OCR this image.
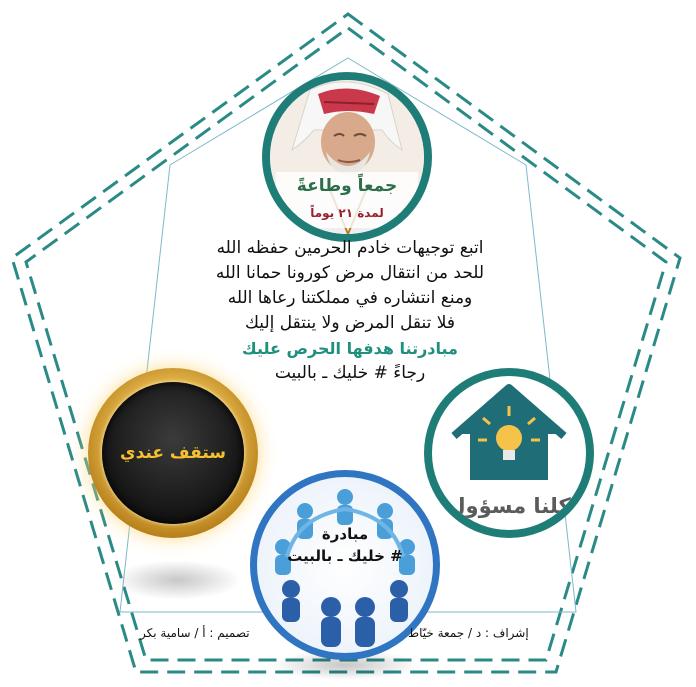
جمعاً وطاعةً
لمدة ٢١ يوماً
اتبع توجيهات خادم الحرمين حفظه الله
للحد من انتقال مرض كورونا حمانا الله
ومنع انتشاره في مملكتنا رعاها الله
فلا تنقل المرض ولا ينتقل إليك
مبادرتنا هدفها الحرص عليك
رجاءً # خليك ـ بالبيت
ستقف عندي
كلنا مسؤول
مبادرة
# خليك ـ بالبيت
تصميم : أ / سامية بكر	إشراف : د / جمعة خيّاط
